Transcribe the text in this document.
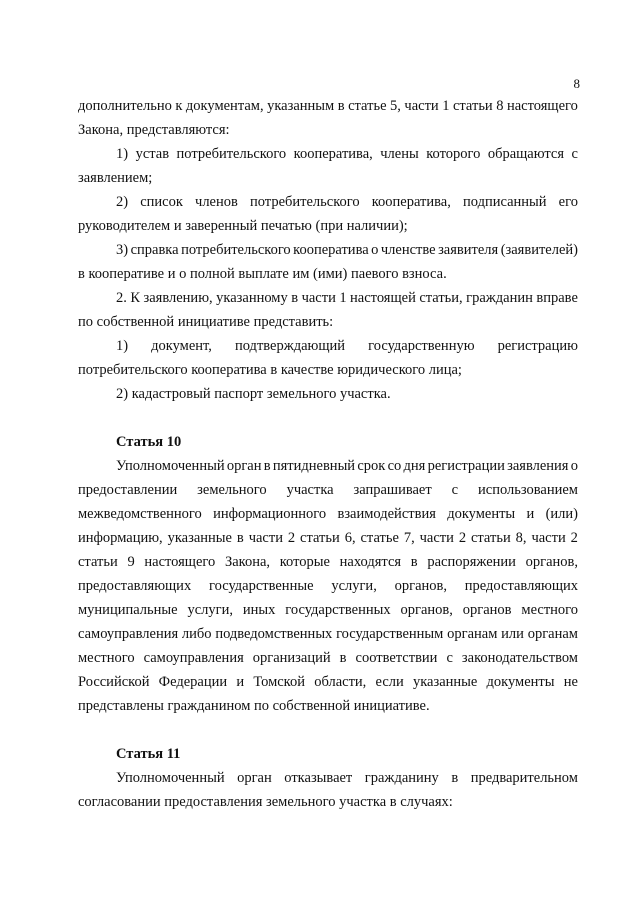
8
дополнительно к документам, указанным в статье 5, части 1 статьи 8 настоящего
Закона, представляются:
1) устав потребительского кооператива, члены которого обращаются с
заявлением;
2) список членов потребительского кооператива, подписанный его
руководителем и заверенный печатью (при наличии);
3) справка потребительского кооператива о членстве заявителя (заявителей)
в кооперативе и о полной выплате им (ими) паевого взноса.
2. К заявлению, указанному в части 1 настоящей статьи, гражданин вправе
по собственной инициативе представить:
1) документ, подтверждающий государственную регистрацию
потребительского кооператива в качестве юридического лица;
2) кадастровый паспорт земельного участка.
Статья 10
Уполномоченный орган в пятидневный срок со дня регистрации заявления о
предоставлении земельного участка запрашивает с использованием
межведомственного информационного взаимодействия документы и (или)
информацию, указанные в части 2 статьи 6, статье 7, части 2 статьи 8, части 2
статьи 9 настоящего Закона, которые находятся в распоряжении органов,
предоставляющих государственные услуги, органов, предоставляющих
муниципальные услуги, иных государственных органов, органов местного
самоуправления либо подведомственных государственным органам или органам
местного самоуправления организаций в соответствии с законодательством
Российской Федерации и Томской области, если указанные документы не
представлены гражданином по собственной инициативе.
Статья 11
Уполномоченный орган отказывает гражданину в предварительном
согласовании предоставления земельного участка в случаях:
